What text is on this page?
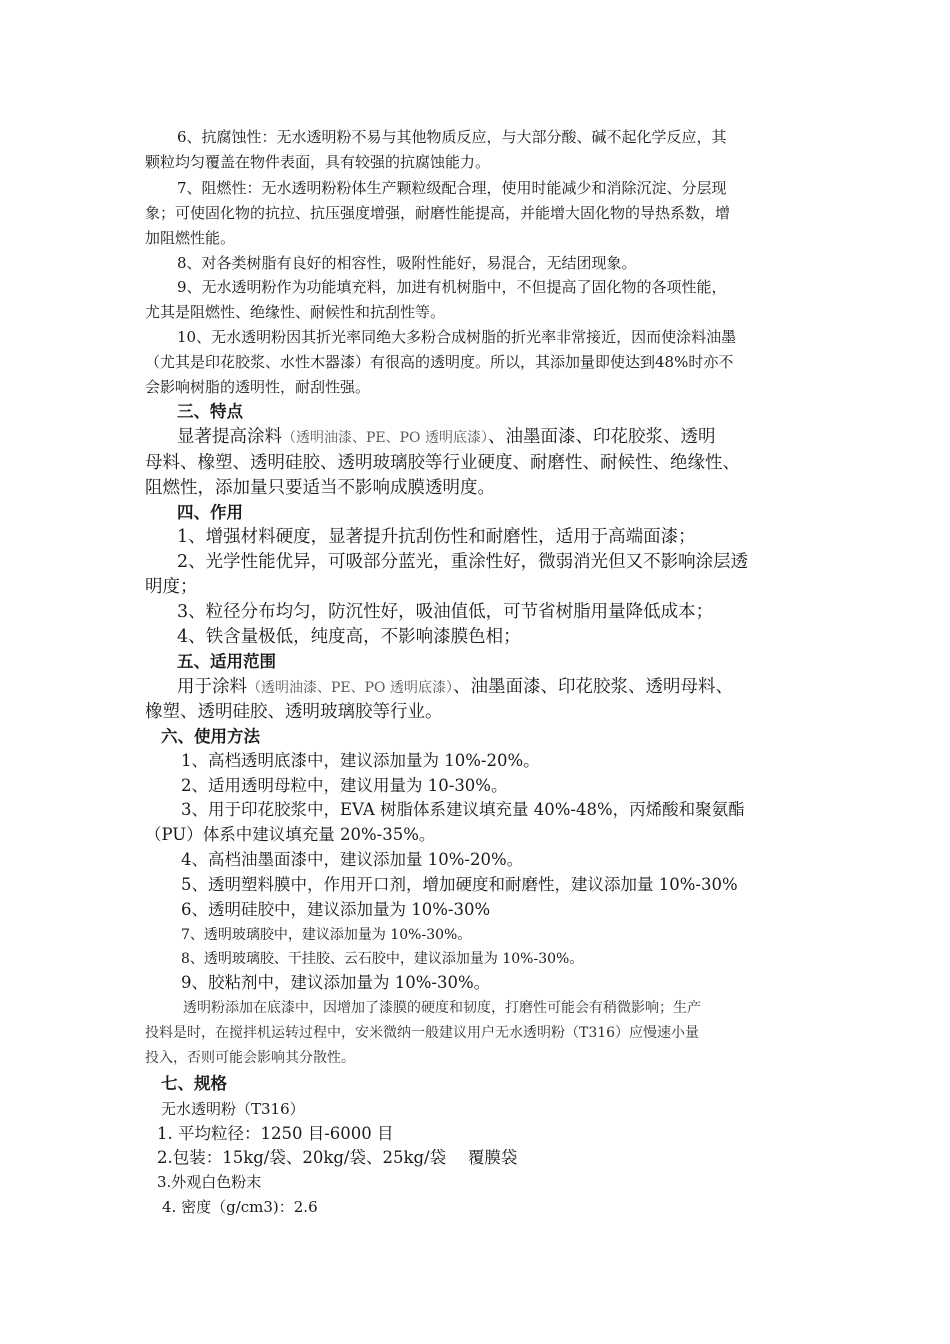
6、抗腐蚀性：无水透明粉不易与其他物质反应，与大部分酸、碱不起化学反应，其
颗粒均匀覆盖在物件表面，具有较强的抗腐蚀能力。
7、阻燃性：无水透明粉粉体生产颗粒级配合理，使用时能减少和消除沉淀、分层现
象；可使固化物的抗拉、抗压强度增强，耐磨性能提高，并能增大固化物的导热系数，增
加阻燃性能。
8、对各类树脂有良好的相容性，吸附性能好，易混合，无结团现象。
9、无水透明粉作为功能填充料，加进有机树脂中，不但提高了固化物的各项性能，
尤其是阻燃性、绝缘性、耐候性和抗刮性等。
10、无水透明粉因其折光率同绝大多粉合成树脂的折光率非常接近，因而使涂料油墨
（尤其是印花胶浆、水性木器漆）有很高的透明度。所以，其添加量即使达到48%时亦不
会影响树脂的透明性，耐刮性强。
三、特点
显著提高涂料（透明油漆、PE、PO 透明底漆）、油墨面漆、印花胶浆、透明
母料、橡塑、透明硅胶、透明玻璃胶等行业硬度、耐磨性、耐候性、绝缘性、
阻燃性，添加量只要适当不影响成膜透明度。
四、作用
1、增强材料硬度，显著提升抗刮伤性和耐磨性，适用于高端面漆；
2、光学性能优异，可吸部分蓝光，重涂性好，微弱消光但又不影响涂层透
明度；
3、粒径分布均匀，防沉性好，吸油值低，可节省树脂用量降低成本；
4、铁含量极低，纯度高，不影响漆膜色相；
五、适用范围
用于涂料（透明油漆、PE、PO 透明底漆）、油墨面漆、印花胶浆、透明母料、
橡塑、透明硅胶、透明玻璃胶等行业。
六、使用方法
1、高档透明底漆中，建议添加量为 10%-20%。
2、适用透明母粒中，建议用量为 10-30%。
3、用于印花胶浆中，EVA 树脂体系建议填充量 40%-48%，丙烯酸和聚氨酯
（PU）体系中建议填充量 20%-35%。
4、高档油墨面漆中，建议添加量 10%-20%。
5、透明塑料膜中，作用开口剂，增加硬度和耐磨性，建议添加量 10%-30%
6、透明硅胶中，建议添加量为 10%-30%
7、透明玻璃胶中，建议添加量为 10%-30%。
8、透明玻璃胶、干挂胶、云石胶中，建议添加量为 10%-30%。
9、胶粘剂中，建议添加量为 10%-30%。
透明粉添加在底漆中，因增加了漆膜的硬度和韧度，打磨性可能会有稍微影响；生产
投料是时，在搅拌机运转过程中，安米微纳一般建议用户无水透明粉（T316）应慢速小量
投入，否则可能会影响其分散性。
七、规格
无水透明粉（T316）
1. 平均粒径：1250 目-6000 目
2.包装：15kg/袋、20kg/袋、25kg/袋　 覆膜袋
3.外观白色粉末
4. 密度（g/cm3)：2.6
